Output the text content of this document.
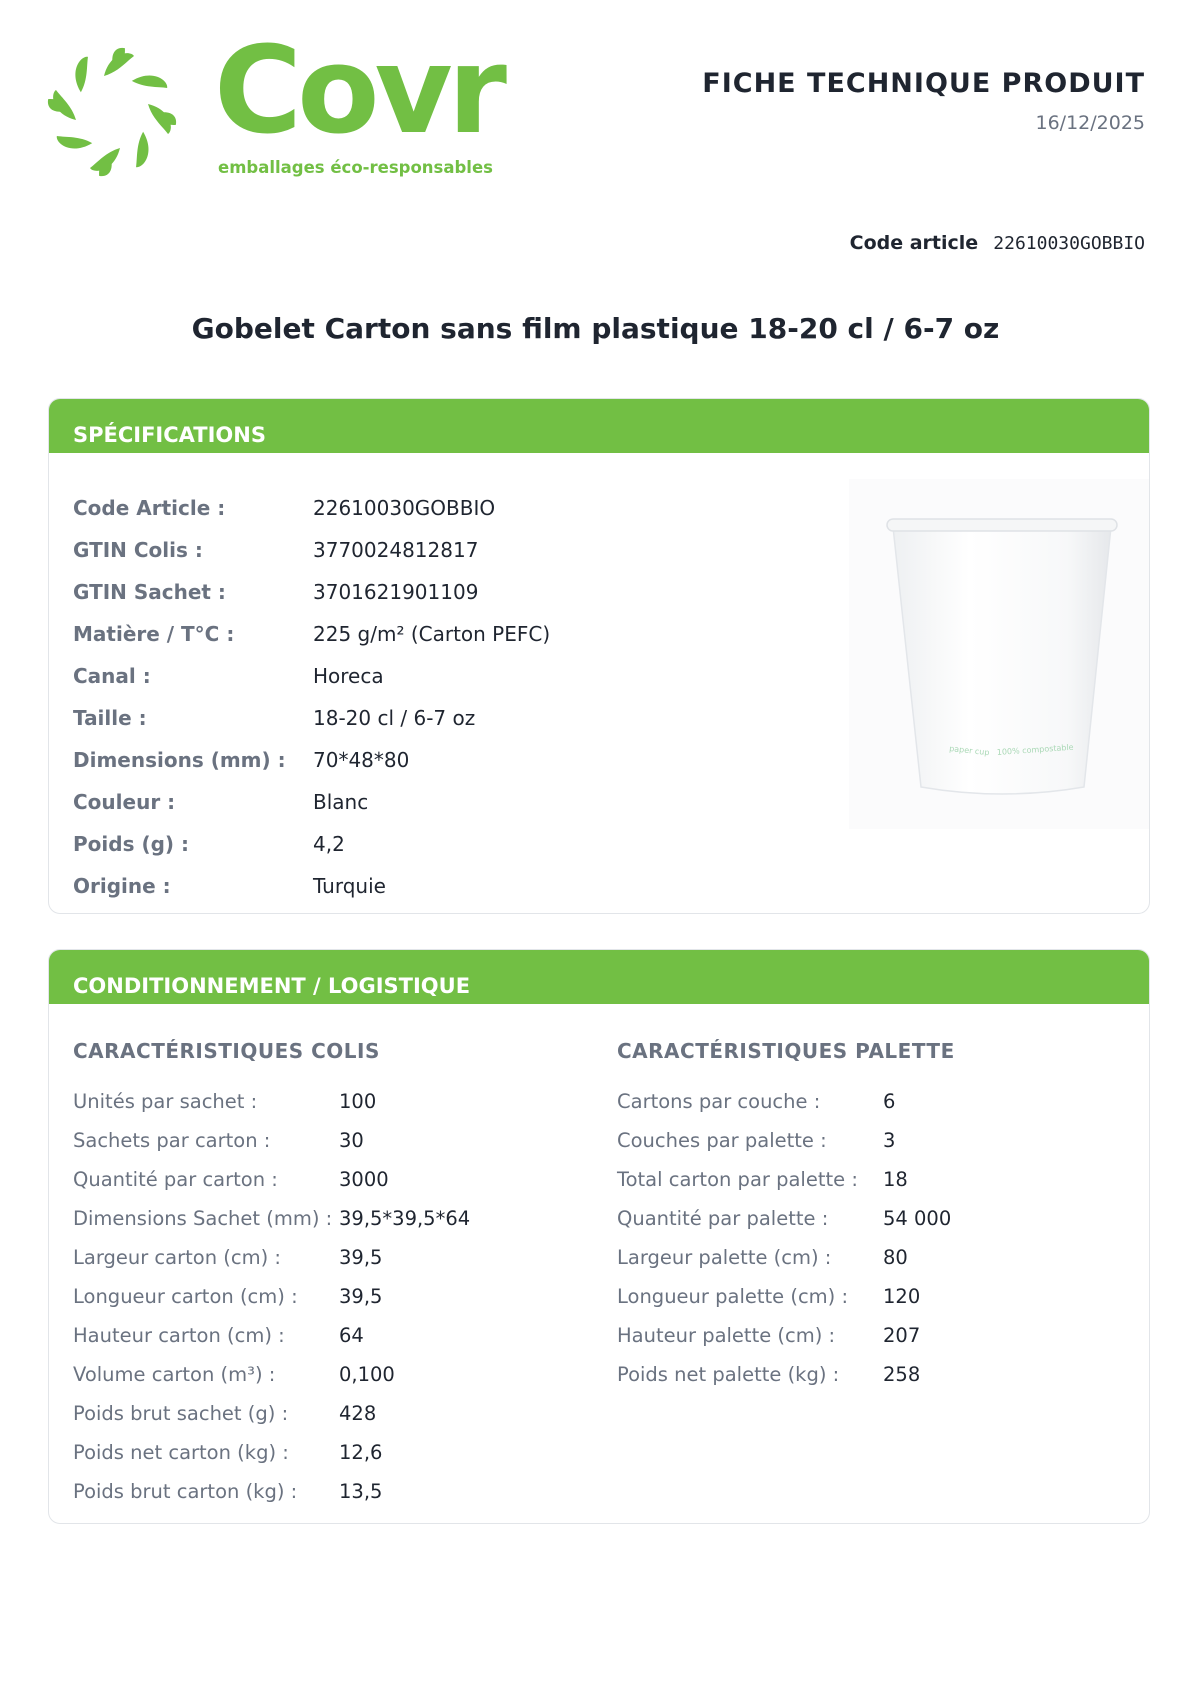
Covr
emballages éco-responsables
FICHE TECHNIQUE PRODUIT
16/12/2025
Code article 22610030GOBBIO
Gobelet Carton sans film plastique 18-20 cl / 6-7 oz
SPÉCIFICATIONS
Code Article :	22610030GOBBIO
GTIN Colis :	3770024812817
GTIN Sachet :	3701621901109
Matière / T°C :	225 g/m² (Carton PEFC)
Canal :	Horeca
Taille :	18-20 cl / 6-7 oz
Dimensions (mm) :	70*48*80
Couleur :	Blanc
Poids (g) :	4,2
Origine :	Turquie
paper cup 100% compostable
CONDITIONNEMENT / LOGISTIQUE
CARACTÉRISTIQUES COLIS	CARACTÉRISTIQUES PALETTE
Unités par sachet :	100
Sachets par carton :	30
Quantité par carton :	3000
Dimensions Sachet (mm) : 39,5*39,5*64
Largeur carton (cm) :	39,5
Longueur carton (cm) : 39,5
Hauteur carton (cm) :	64
Volume carton (m³) :	0,100
Poids brut sachet (g) :	428
Poids net carton (kg) :	12,6
Poids brut carton (kg) : 13,5
Cartons par couche :	6
Couches par palette :	3
Total carton par palette : 18
Quantité par palette :	54 000
Largeur palette (cm) :	80
Longueur palette (cm) : 120
Hauteur palette (cm) : 207
Poids net palette (kg) : 258
